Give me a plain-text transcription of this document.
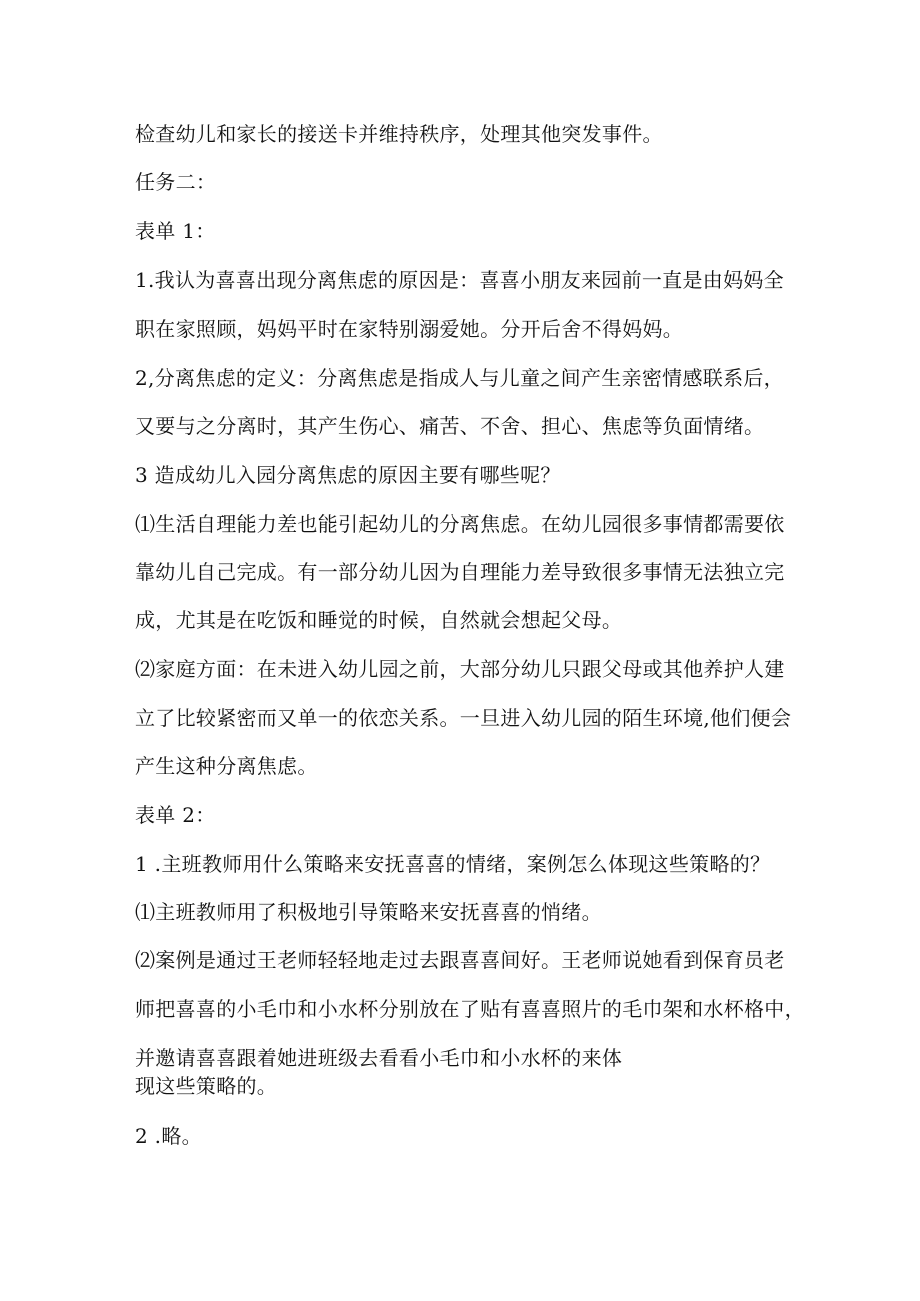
检查幼儿和家长的接送卡并维持秩序，处理其他突发事件。
任务二：
表单 1：
1.我认为喜喜出现分离焦虑的原因是：喜喜小朋友来园前一直是由妈妈全
职在家照顾，妈妈平时在家特别溺爱她。分开后舍不得妈妈。
2,分离焦虑的定义：分离焦虑是指成人与儿童之间产生亲密情感联系后，
又要与之分离时，其产生伤心、痛苦、不舍、担心、焦虑等负面情绪。
3 造成幼儿入园分离焦虑的原因主要有哪些呢？
⑴生活自理能力差也能引起幼儿的分离焦虑。在幼儿园很多事情都需要依
靠幼儿自己完成。有一部分幼儿因为自理能力差导致很多事情无法独立完
成，尤其是在吃饭和睡觉的时候，自然就会想起父母。
⑵家庭方面：在未进入幼儿园之前，大部分幼儿只跟父母或其他养护人建
立了比较紧密而又单一的依恋关系。一旦进入幼儿园的陌生环境,他们便会
产生这种分离焦虑。
表单 2：
1 .主班教师用什么策略来安抚喜喜的情绪，案例怎么体现这些策略的？
⑴主班教师用了积极地引导策略来安抚喜喜的悄绪。
⑵案例是通过王老师轻轻地走过去跟喜喜间好。王老师说她看到保育员老
师把喜喜的小毛巾和小水杯分别放在了贴有喜喜照片的毛巾架和水杯格中，
并邀请喜喜跟着她进班级去看看小毛巾和小水杯的来体
现这些策略的。
2 .略。
